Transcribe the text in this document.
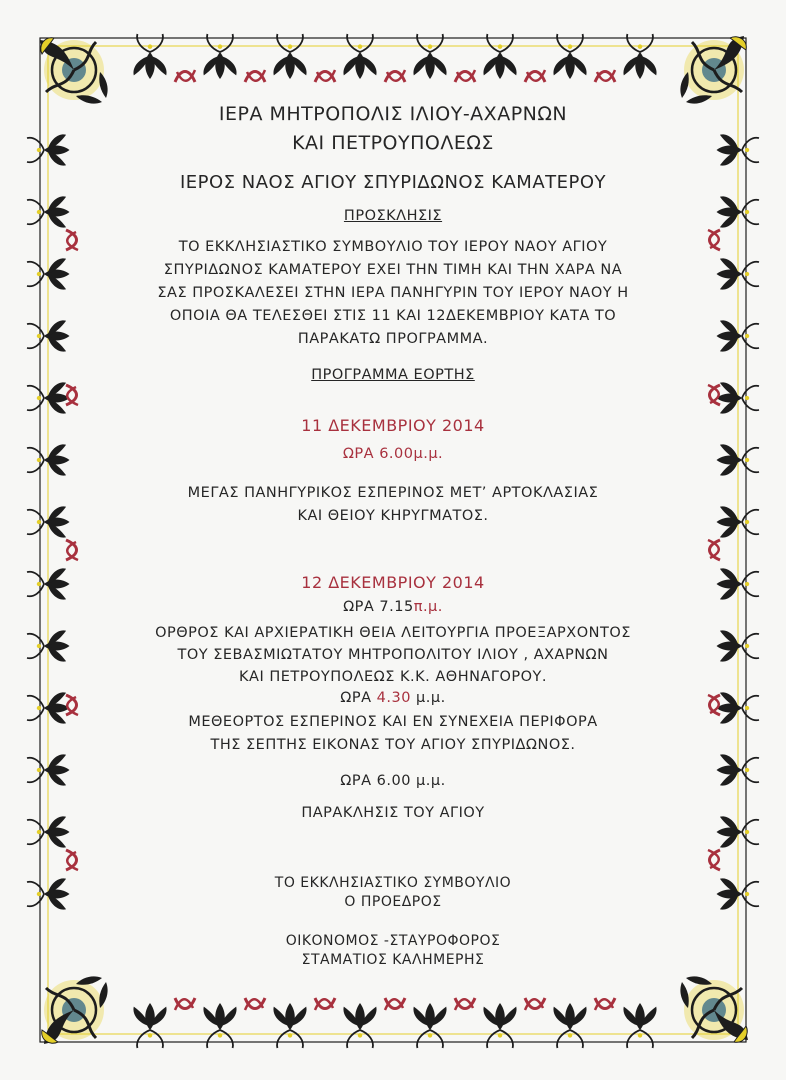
ΙΕΡΑ ΜΗΤΡΟΠΟΛΙΣ ΙΛΙΟΥ-ΑΧΑΡΝΩΝ
ΚΑΙ ΠΕΤΡΟΥΠΟΛΕΩΣ
ΙΕΡΟΣ ΝΑΟΣ ΑΓΙΟΥ ΣΠΥΡΙΔΩΝΟΣ ΚΑΜΑΤΕΡΟΥ
ΠΡΟΣΚΛΗΣΙΣ
ΤΟ ΕΚΚΛΗΣΙΑΣΤΙΚΟ ΣΥΜΒΟΥΛΙΟ ΤΟΥ ΙΕΡΟΥ ΝΑΟΥ ΑΓΙΟΥ
ΣΠΥΡΙΔΩΝΟΣ ΚΑΜΑΤΕΡΟΥ ΕΧΕΙ ΤΗΝ ΤΙΜΗ ΚΑΙ ΤΗΝ ΧΑΡΑ ΝΑ
ΣΑΣ ΠΡΟΣΚΑΛΕΣΕΙ ΣΤΗΝ ΙΕΡΑ ΠΑΝΗΓΥΡΙΝ ΤΟΥ ΙΕΡΟΥ ΝΑΟΥ Η
ΟΠΟΙΑ ΘΑ ΤΕΛΕΣΘΕΙ ΣΤΙΣ 11 ΚΑΙ 12ΔΕΚΕΜΒΡΙΟΥ ΚΑΤΑ ΤΟ
ΠΑΡΑΚΑΤΩ ΠΡΟΓΡΑΜΜΑ.
ΠΡΟΓΡΑΜΜΑ ΕΟΡΤΗΣ
11 ΔΕΚΕΜΒΡΙΟΥ 2014
ΩΡΑ 6.00μ.μ.
ΜΕΓΑΣ ΠΑΝΗΓΥΡΙΚΟΣ ΕΣΠΕΡΙΝΟΣ ΜΕΤ’ ΑΡΤΟΚΛΑΣΙΑΣ
ΚΑΙ ΘΕΙΟΥ ΚΗΡΥΓΜΑΤΟΣ.
12 ΔΕΚΕΜΒΡΙΟΥ 2014
ΩΡΑ 7.15π.μ.
ΟΡΘΡΟΣ ΚΑΙ ΑΡΧΙΕΡΑΤΙΚΗ ΘΕΙΑ ΛΕΙΤΟΥΡΓΙΑ ΠΡΟΕΞΑΡΧΟΝΤΟΣ
ΤΟΥ ΣΕΒΑΣΜΙΩΤΑΤΟΥ ΜΗΤΡΟΠΟΛΙΤΟΥ ΙΛΙΟΥ , ΑΧΑΡΝΩΝ
ΚΑΙ ΠΕΤΡΟΥΠΟΛΕΩΣ Κ.Κ. ΑΘΗΝΑΓΟΡΟΥ.
ΩΡΑ 4.30 μ.μ.
ΜΕΘΕΟΡΤΟΣ ΕΣΠΕΡΙΝΟΣ ΚΑΙ ΕΝ ΣΥΝΕΧΕΙΑ ΠΕΡΙΦΟΡΑ
ΤΗΣ ΣΕΠΤΗΣ ΕΙΚΟΝΑΣ ΤΟΥ ΑΓΙΟΥ ΣΠΥΡΙΔΩΝΟΣ.
ΩΡΑ 6.00 μ.μ.
ΠΑΡΑΚΛΗΣΙΣ ΤΟΥ ΑΓΙΟΥ
ΤΟ ΕΚΚΛΗΣΙΑΣΤΙΚΟ ΣΥΜΒΟΥΛΙΟ
Ο ΠΡΟΕΔΡΟΣ
ΟΙΚΟΝΟΜΟΣ -ΣΤΑΥΡΟΦΟΡΟΣ
ΣΤΑΜΑΤΙΟΣ ΚΑΛΗΜΕΡΗΣ
